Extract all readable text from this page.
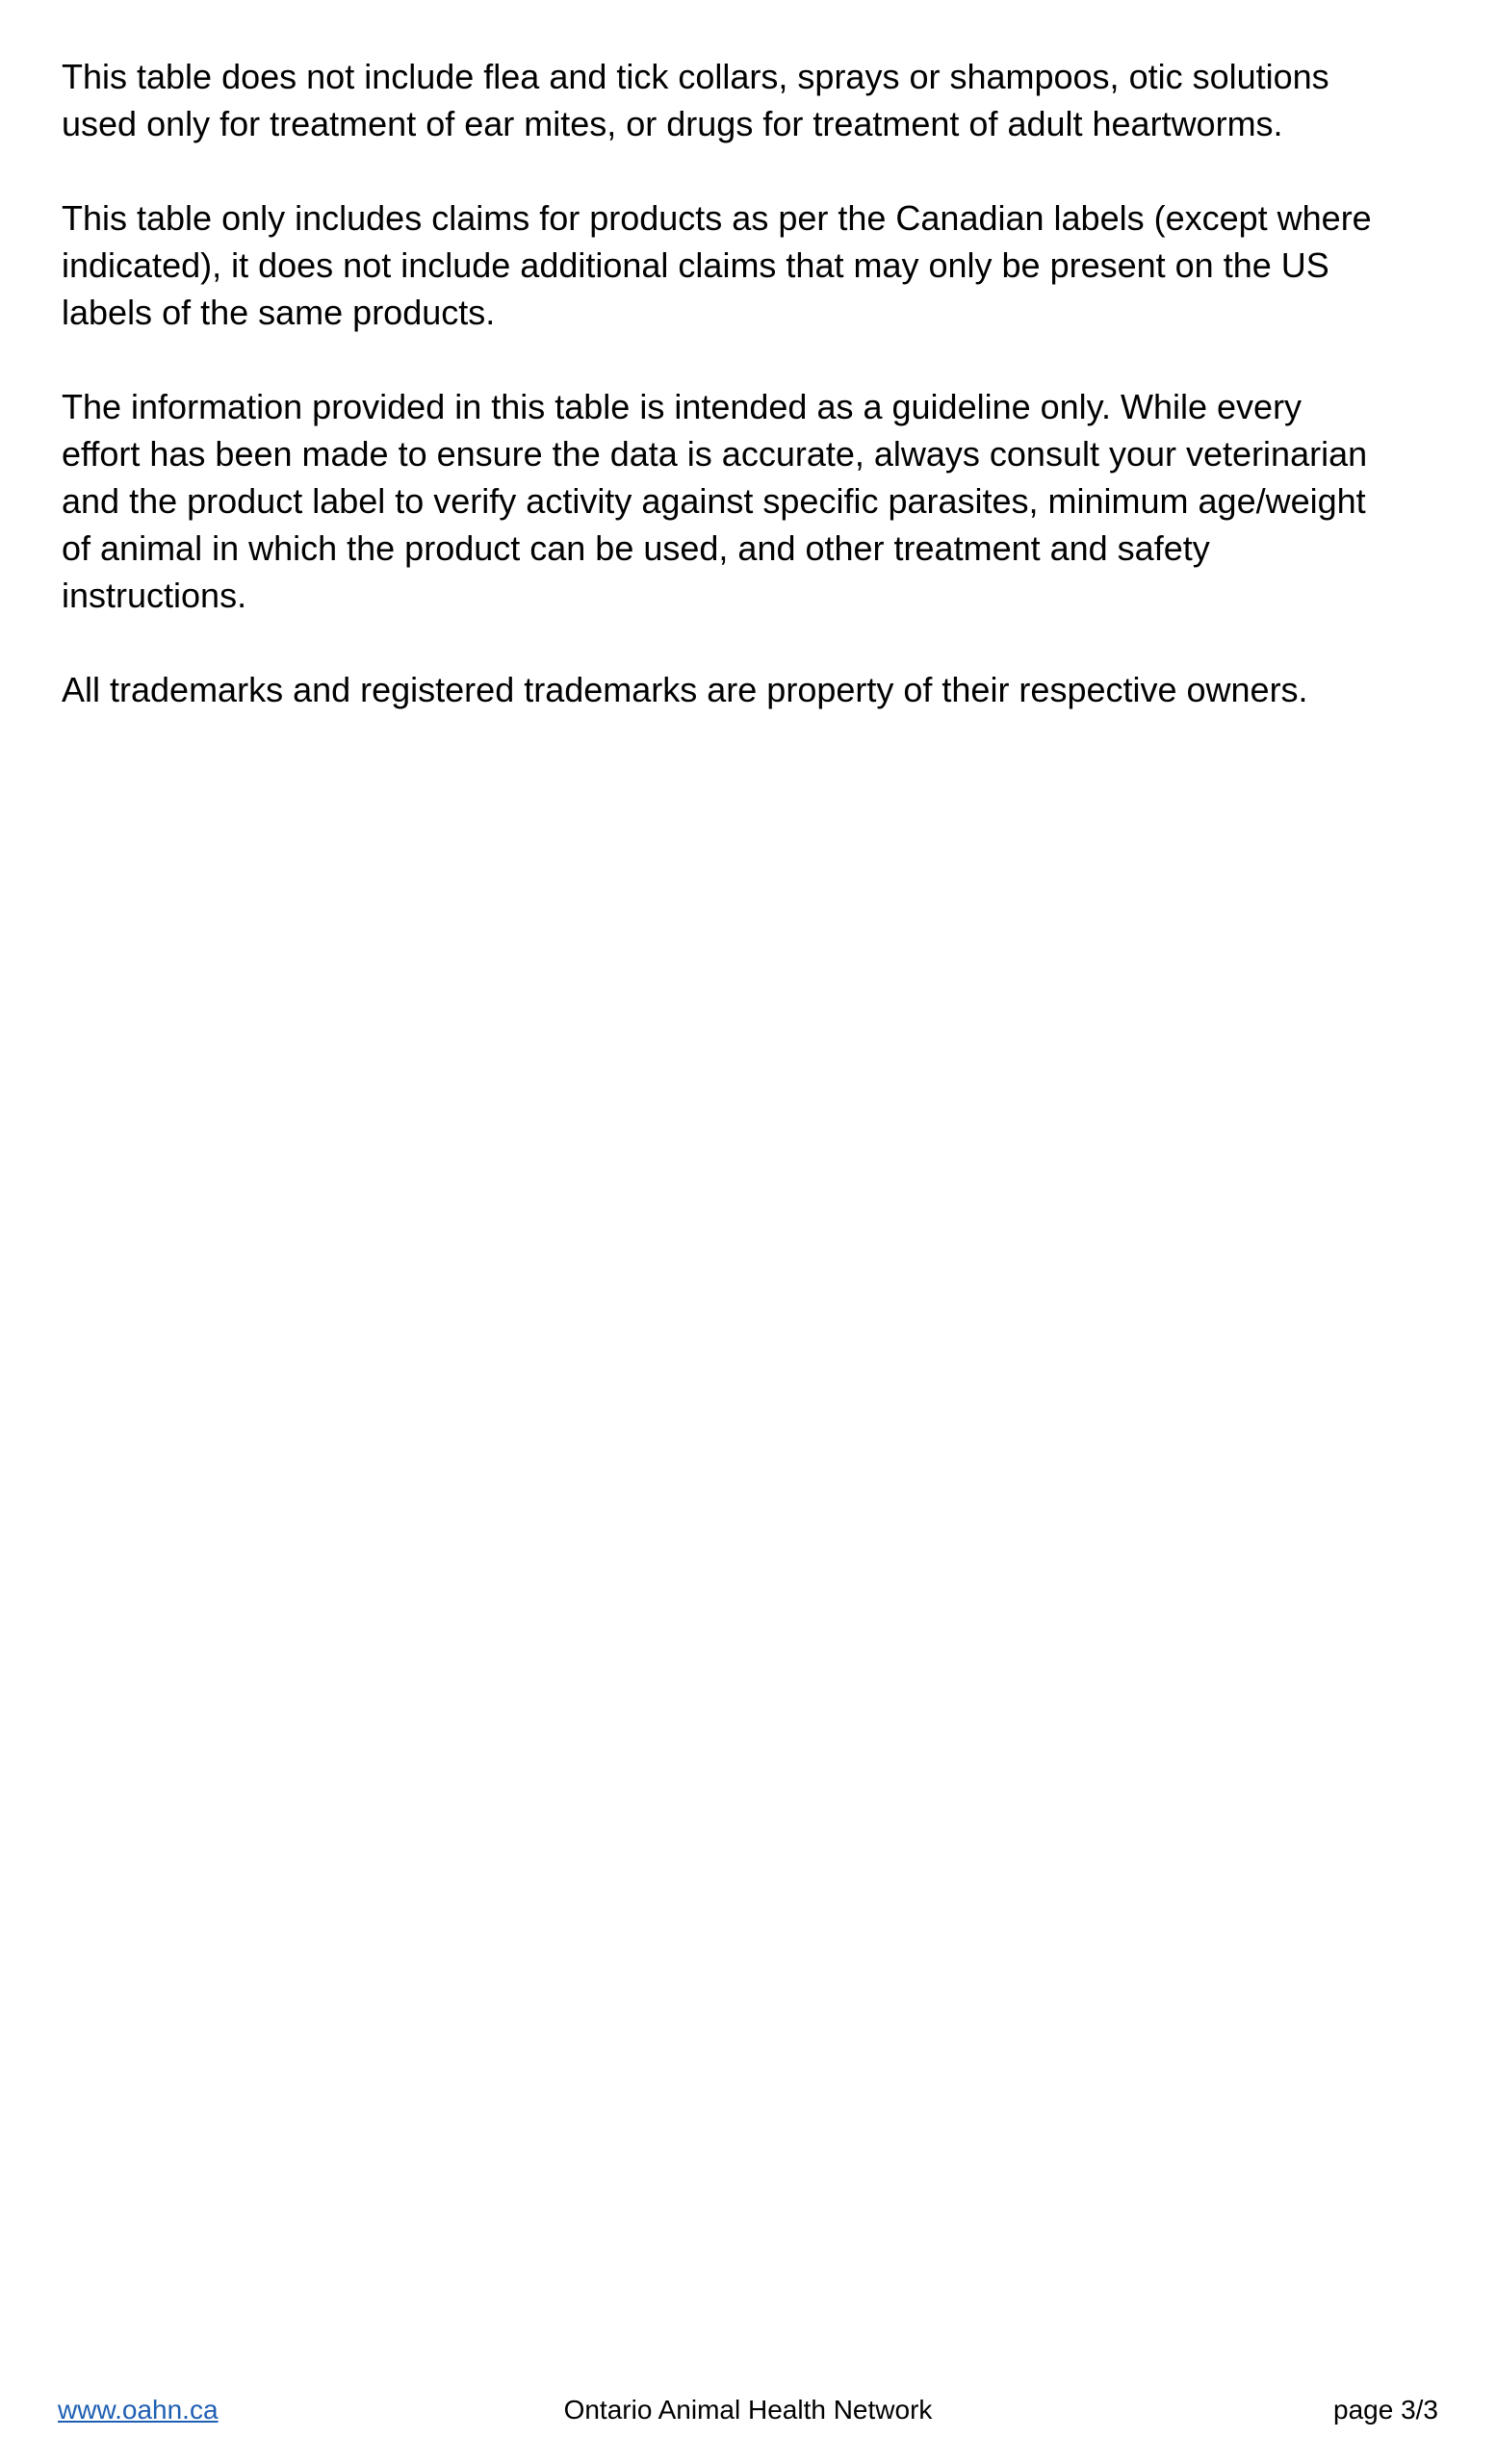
This table does not include flea and tick collars, sprays or shampoos, otic solutions
used only for treatment of ear mites, or drugs for treatment of adult heartworms.

This table only includes claims for products as per the Canadian labels (except where
indicated), it does not include additional claims that may only be present on the US
labels of the same products.

The information provided in this table is intended as a guideline only. While every
effort has been made to ensure the data is accurate, always consult your veterinarian
and the product label to verify activity against specific parasites, minimum age/weight
of animal in which the product can be used, and other treatment and safety
instructions.

All trademarks and registered trademarks are property of their respective owners.

www.oahn.ca	Ontario Animal Health Network	page 3/3
